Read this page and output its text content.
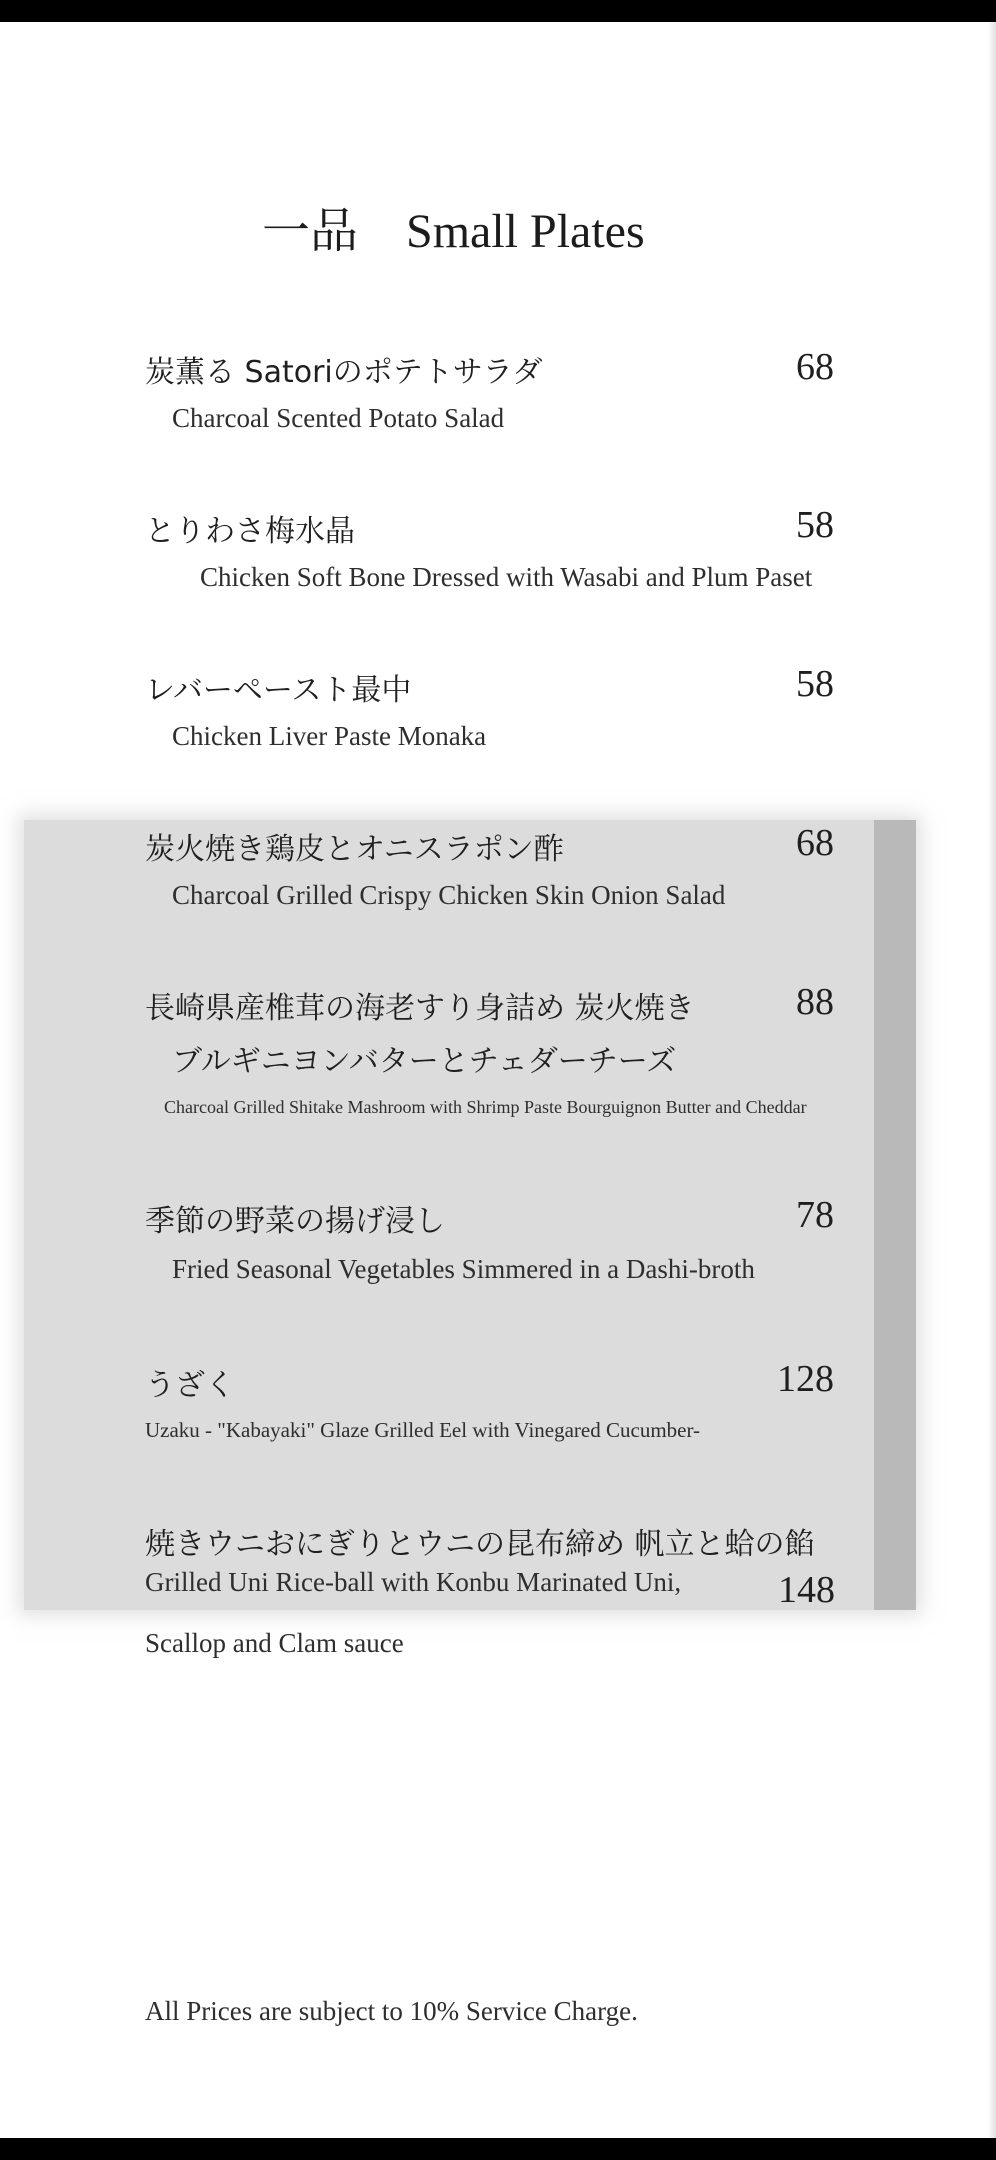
一品　Small Plates
炭薫る Satoriのポテトサラダ
Charcoal Scented Potato Salad
68
とりわさ梅水晶
Chicken Soft Bone Dressed with Wasabi and Plum Paset
58
レバーペースト最中
Chicken Liver Paste Monaka
58
炭火焼き鶏皮とオニスラポン酢
Charcoal Grilled Crispy Chicken Skin Onion Salad
68
長崎県産椎茸の海老すり身詰め 炭火焼き
ブルギニヨンバターとチェダーチーズ
Charcoal Grilled Shitake Mashroom with Shrimp Paste Bourguignon Butter and Cheddar
88
季節の野菜の揚げ浸し
Fried Seasonal Vegetables Simmered in a Dashi-broth
78
うざく
Uzaku - "Kabayaki" Glaze Grilled Eel with Vinegared Cucumber-
128
焼きウニおにぎりとウニの昆布締め 帆立と蛤の餡
Grilled Uni Rice-ball with Konbu Marinated Uni,
Scallop and Clam sauce
148
All Prices are subject to 10% Service Charge.
